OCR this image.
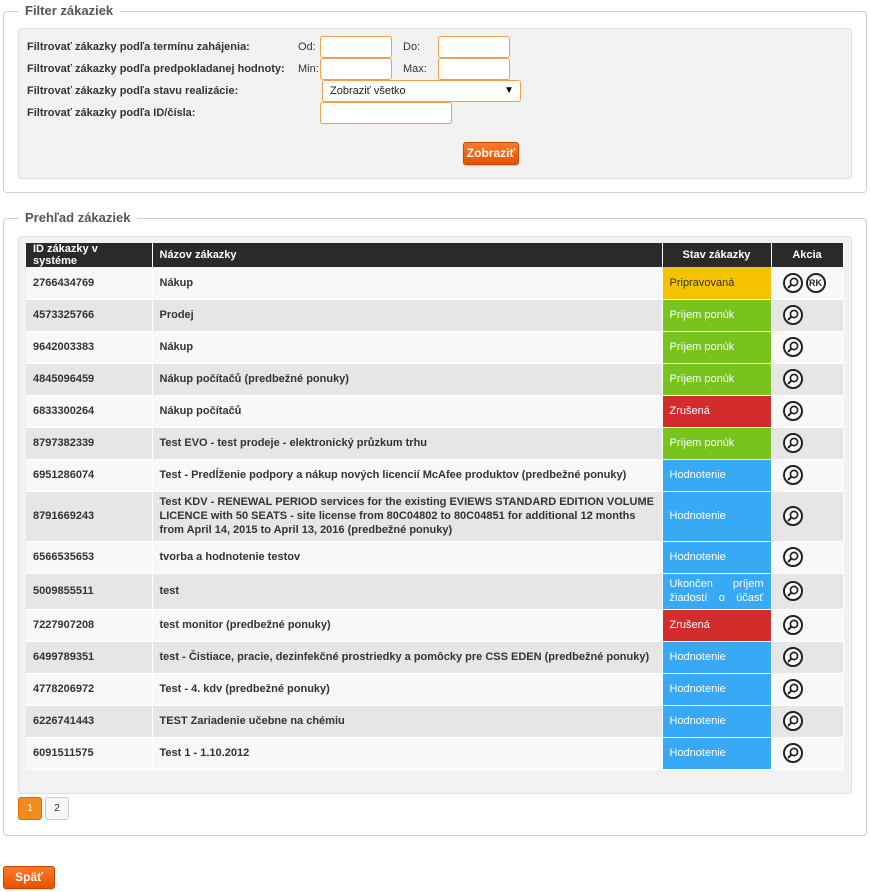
Filter zákaziek
Filtrovať zákazky podľa termínu zahájenia:	Od:	Do:
Filtrovať zákazky podľa predpokladanej hodnoty: Min:	Max:
Filtrovať zákazky podľa stavu realizácie:	Zobraziť všetko	▼
Filtrovať zákazky podľa ID/čísla:
Zobraziť
Prehľad zákaziek
ID zákazky v systéme	Názov zákazky	Stav zákazky	Akcia
2766434769	Nákup	Pripravovaná	RK
4573325766	Prodej	Príjem ponúk	
9642003383	Nákup	Príjem ponúk	
4845096459	Nákup počítačů (predbežné ponuky)	Príjem ponúk	
6833300264	Nákup počítačů	Zrušená	
8797382339	Test EVO - test prodeje - elektronický průzkum trhu	Príjem ponúk	
6951286074	Test - Predĺženie podpory a nákup nových licencií McAfee produktov (predbežné ponuky)	Hodnotenie	
8791669243	Test KDV - RENEWAL PERIOD services for the existing EVIEWS STANDARD EDITION VOLUME LICENCE with 50 SEATS - site license from 80C04802 to 80C04851 for additional 12 months from April 14, 2015 to April 13, 2016 (predbežné ponuky)	Hodnotenie	
6566535653	tvorba a hodnotenie testov	Hodnotenie	
5009855511	test	Ukončen príjem žiadostí o účasť	
7227907208	test monitor (predbežné ponuky)	Zrušená	
6499789351	test - Čistiace, pracie, dezinfekčné prostriedky a pomôcky pre CSS EDEN (predbežné ponuky)	Hodnotenie	
4778206972	Test - 4. kdv (predbežné ponuky)	Hodnotenie	
6226741443	TEST Zariadenie učebne na chémiu	Hodnotenie	
6091511575	Test 1 - 1.10.2012	Hodnotenie	
1	2
Späť
